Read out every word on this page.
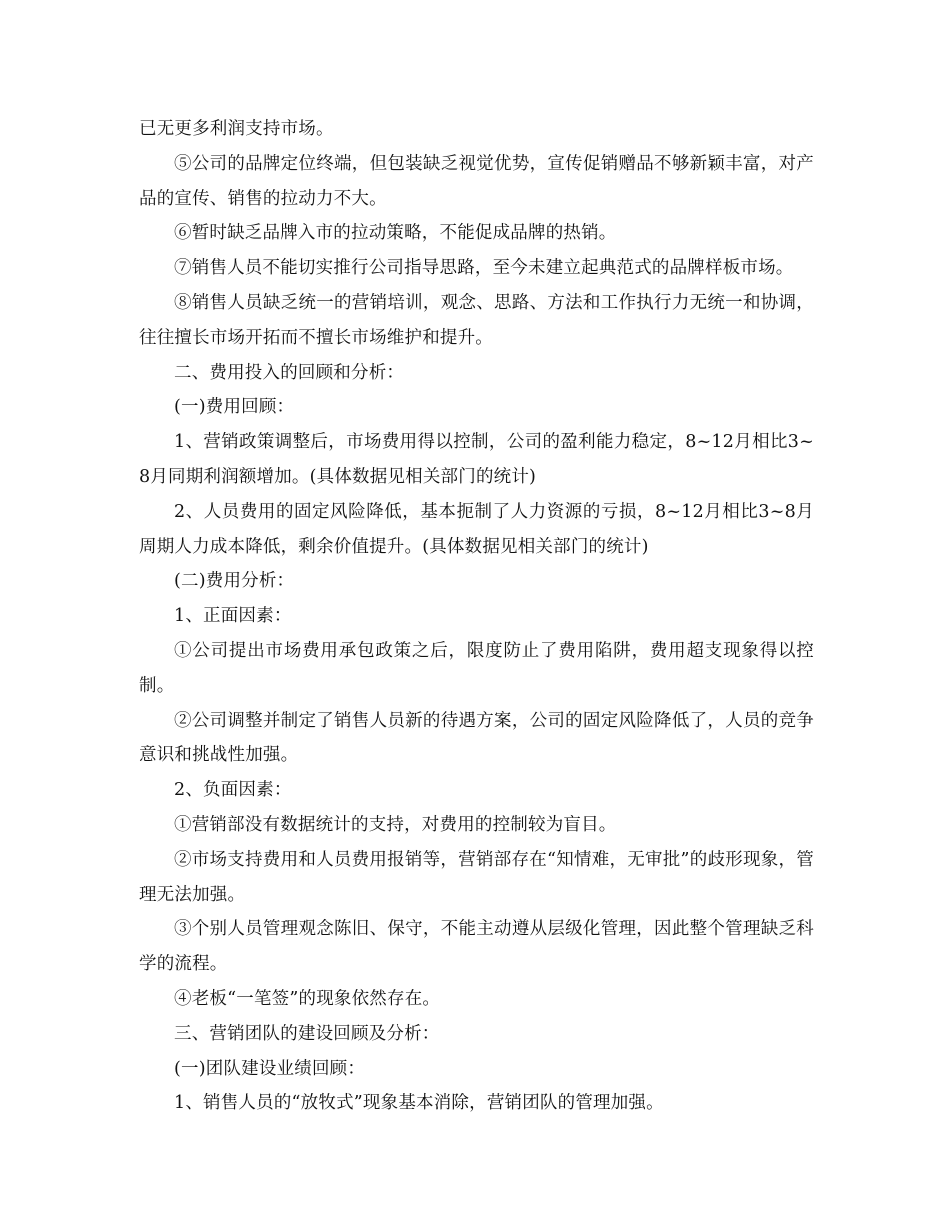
已无更多利润支持市场。

⑤公司的品牌定位终端，但包装缺乏视觉优势，宣传促销赠品不够新颖丰富，对产品的宣传、销售的拉动力不大。

⑥暂时缺乏品牌入市的拉动策略，不能促成品牌的热销。

⑦销售人员不能切实推行公司指导思路，至今未建立起典范式的品牌样板市场。

⑧销售人员缺乏统一的营销培训，观念、思路、方法和工作执行力无统一和协调，往往擅长市场开拓而不擅长市场维护和提升。

二、费用投入的回顾和分析：

(一)费用回顾：

1、营销政策调整后，市场费用得以控制，公司的盈利能力稳定，8~12月相比3~8月同期利润额增加。(具体数据见相关部门的统计)

2、人员费用的固定风险降低，基本扼制了人力资源的亏损，8~12月相比3~8月周期人力成本降低，剩余价值提升。(具体数据见相关部门的统计)

(二)费用分析：

1、正面因素：

①公司提出市场费用承包政策之后，限度防止了费用陷阱，费用超支现象得以控制。

②公司调整并制定了销售人员新的待遇方案，公司的固定风险降低了，人员的竞争意识和挑战性加强。

2、负面因素：

①营销部没有数据统计的支持，对费用的控制较为盲目。

②市场支持费用和人员费用报销等，营销部存在“知情难，无审批”的歧形现象，管理无法加强。

③个别人员管理观念陈旧、保守，不能主动遵从层级化管理，因此整个管理缺乏科学的流程。

④老板“一笔签”的现象依然存在。

三、营销团队的建设回顾及分析：

(一)团队建设业绩回顾：

1、销售人员的“放牧式”现象基本消除，营销团队的管理加强。
